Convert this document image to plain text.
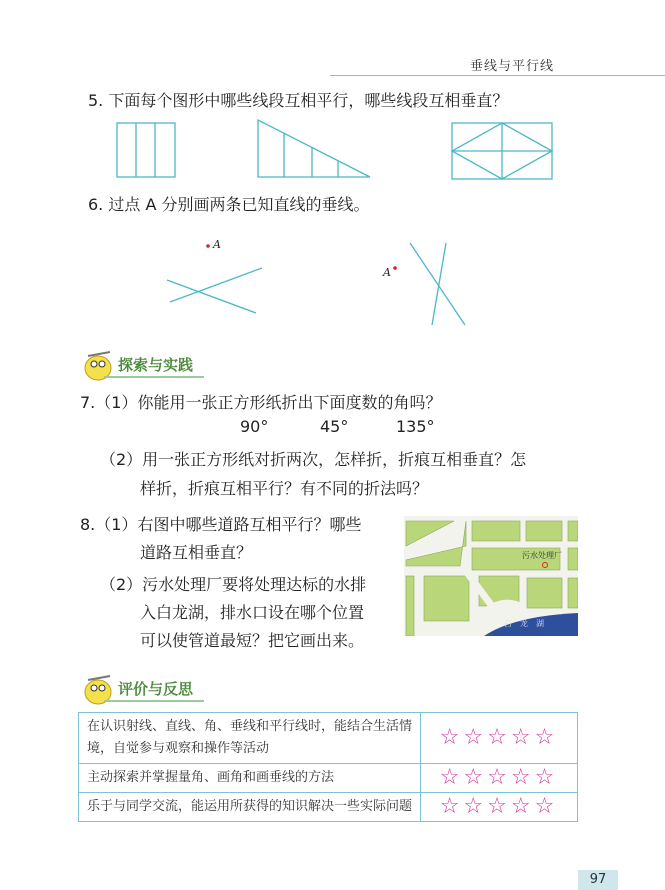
垂线与平行线
5. 下面每个图形中哪些线段互相平行，哪些线段互相垂直？
6. 过点 A 分别画两条已知直线的垂线。
A
A
探索与实践
7.（1）你能用一张正方形纸折出下面度数的角吗？
90°	45°	135°
（2）用一张正方形纸对折两次，怎样折，折痕互相垂直？怎
样折，折痕互相平行？有不同的折法吗？
8.（1）右图中哪些道路互相平行？哪些
道路互相垂直？
（2）污水处理厂要将处理达标的水排
入白龙湖，排水口设在哪个位置
可以使管道最短？把它画出来。
污水处理厂
白龙湖
评价与反思
在认识射线、直线、角、垂线和平行线时，能结合生活情境，自觉参与观察和操作等活动	☆☆☆☆☆
主动探索并掌握量角、画角和画垂线的方法	☆☆☆☆☆
乐于与同学交流，能运用所获得的知识解决一些实际问题	☆☆☆☆☆
97
